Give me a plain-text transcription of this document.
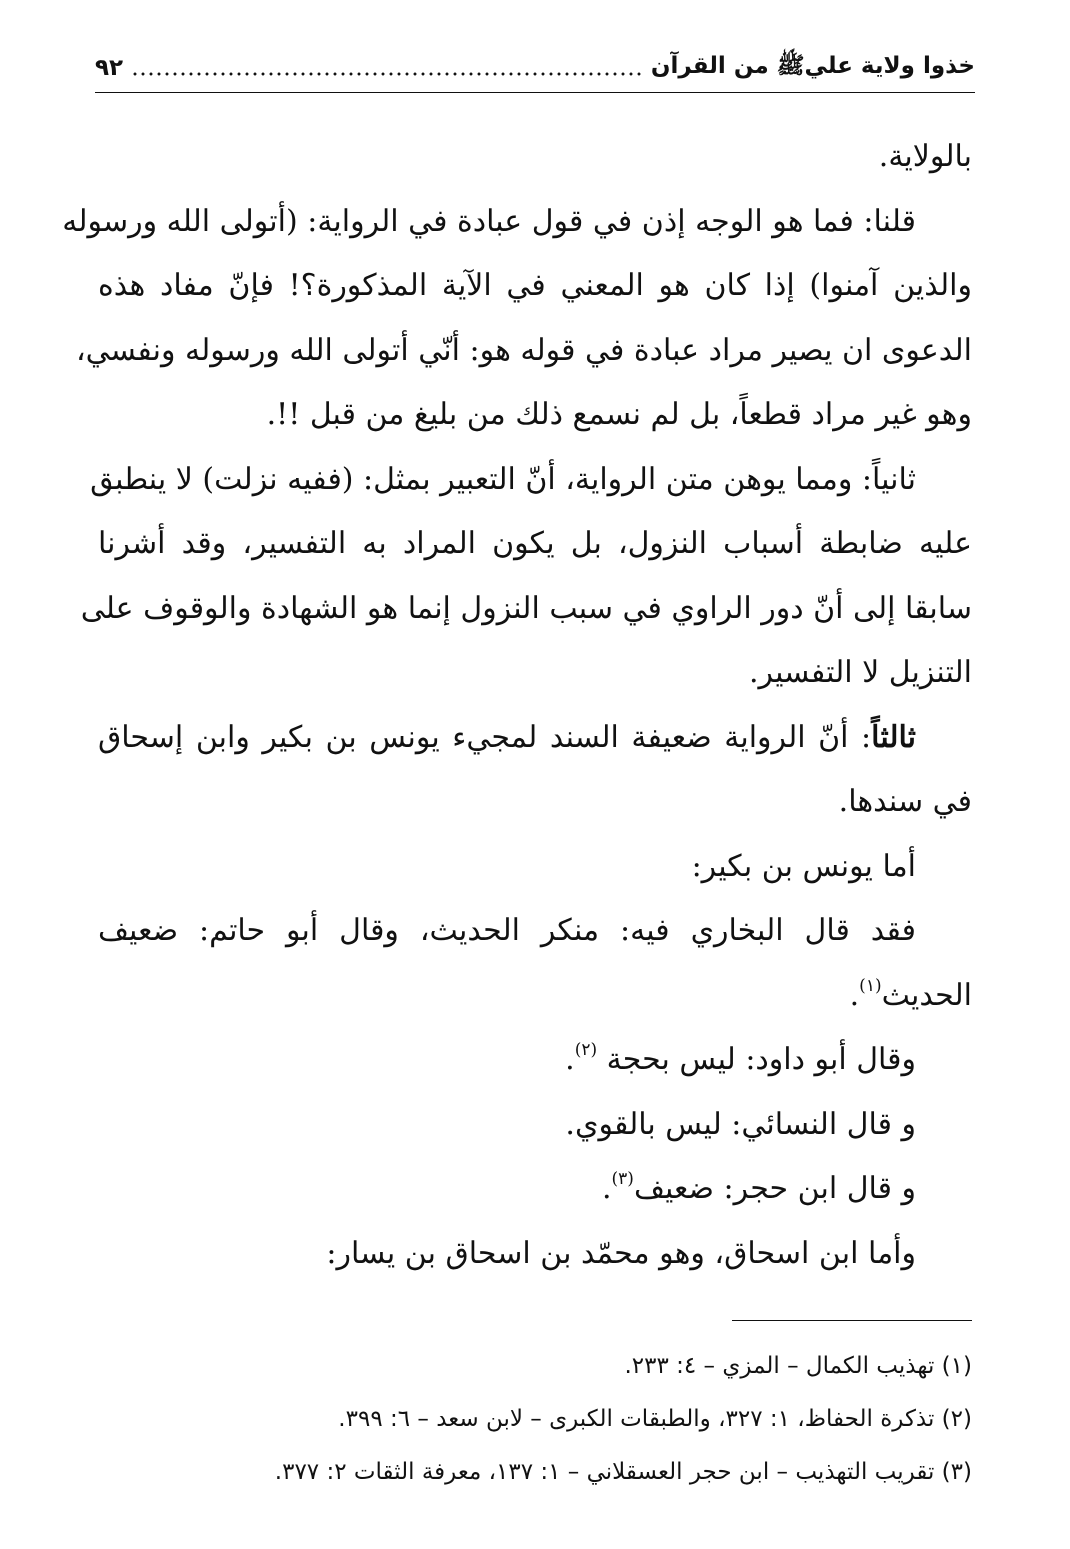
خذوا ولاية عليﷺ من القرآن
٩٢
بالولاية.
قلنا: فما هو الوجه إذن في قول عبادة في الرواية: (أتولى الله ورسوله
والذين آمنوا) إذا كان هو المعني في الآية المذكورة؟! فإنّ مفاد هذه
الدعوى ان يصير مراد عبادة في قوله هو: أنّي أتولى الله ورسوله ونفسي،
وهو غير مراد قطعاً، بل لم نسمع ذلك من بليغ من قبل !!.
ثانياً: ومما يوهن متن الرواية، أنّ التعبير بمثل: (ففيه نزلت) لا ينطبق
عليه ضابطة أسباب النزول، بل يكون المراد به التفسير، وقد أشرنا
سابقا إلى أنّ دور الراوي في سبب النزول إنما هو الشهادة والوقوف على
التنزيل لا التفسير.
ثالثاً: أنّ الرواية ضعيفة السند لمجيء يونس بن بكير وابن إسحاق
في سندها.
أما يونس بن بكير:
فقد قال البخاري فيه: منكر الحديث، وقال أبو حاتم: ضعيف
الحديث$^{(١)}$.
وقال أبو داود: ليس بحجة $^{(٢)}$.
و قال النسائي: ليس بالقوي.
و قال ابن حجر: ضعيف$^{(٣)}$.
وأما ابن اسحاق، وهو محمّد بن اسحاق بن يسار:
(١) تهذيب الكمال – المزي – ٤: ٢٣٣.
(٢) تذكرة الحفاظ، ١: ٣٢٧، والطبقات الكبرى – لابن سعد – ٦: ٣٩٩.
(٣) تقريب التهذيب – ابن حجر العسقلاني – ١: ١٣٧، معرفة الثقات ٢: ٣٧٧.
